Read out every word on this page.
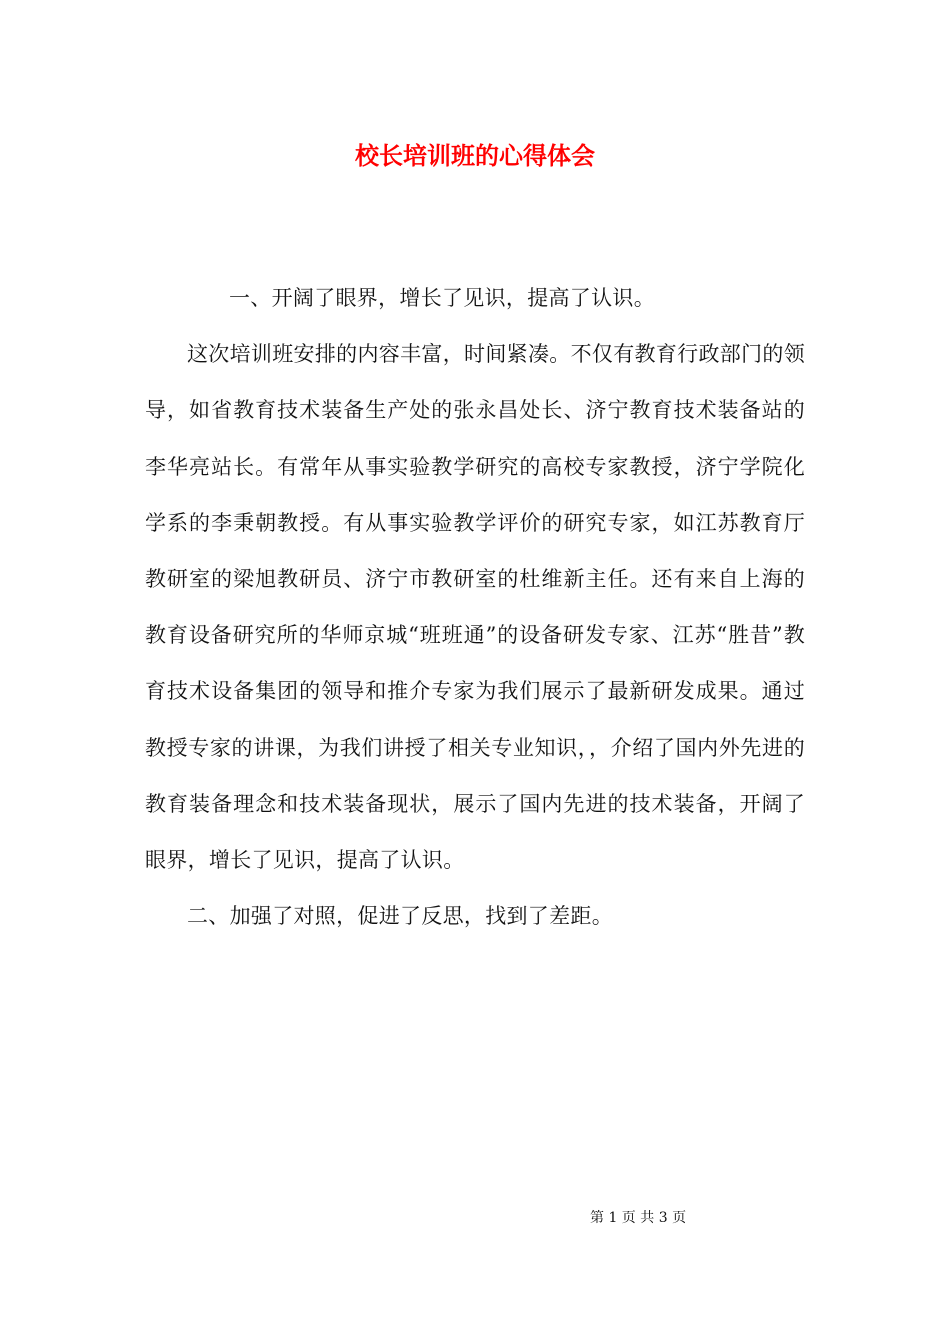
校长培训班的心得体会

一、开阔了眼界，增长了见识，提高了认识。

这次培训班安排的内容丰富，时间紧凑。不仅有教育行政部门的领导，如省教育技术装备生产处的张永昌处长、济宁教育技术装备站的李华亮站长。有常年从事实验教学研究的高校专家教授，济宁学院化学系的李秉朝教授。有从事实验教学评价的研究专家，如江苏教育厅教研室的梁旭教研员、济宁市教研室的杜维新主任。还有来自上海的教育设备研究所的华师京城“班班通”的设备研发专家、江苏“胜昔”教育技术设备集团的领导和推介专家为我们展示了最新研发成果。通过教授专家的讲课，为我们讲授了相关专业知识，，介绍了国内外先进的教育装备理念和技术装备现状，展示了国内先进的技术装备，开阔了眼界，增长了见识，提高了认识。

二、加强了对照，促进了反思，找到了差距。

第 1 页 共 3 页
